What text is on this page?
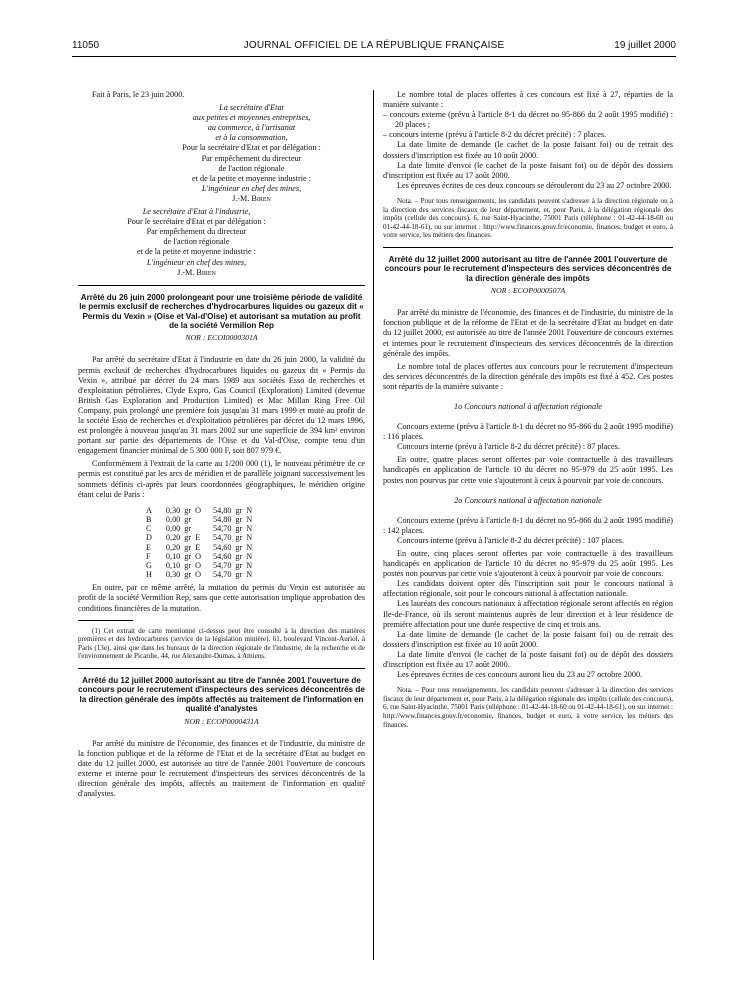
11050	JOURNAL OFFICIEL DE LA RÉPUBLIQUE FRANÇAISE	19 juillet 2000

Fait à Paris, le 23 juin 2000.

La secrétaire d'Etat

aux petites et moyennes entreprises,

au commerce, à l'artisanat

et à la consommation,

Pour la secrétaire d'Etat et par délégation :

Par empêchement du directeur

de l'action régionale

et de la petite et moyenne industrie :

L'ingénieur en chef des mines,

J.-M. Biren

Le secrétaire d'Etat à l'industrie,

Pour le secrétaire d'Etat et par délégation :

Par empêchement du directeur

de l'action régionale

et de la petite et moyenne industrie :

L'ingénieur en chef des mines,

J.-M. Biren

Arrêté du 26 juin 2000 prolongeant pour une troisième période de validité le permis exclusif de recherches d'hydrocarbures liquides ou gazeux dit « Permis du Vexin » (Oise et Val-d'Oise) et autorisant sa mutation au profit de la société Vermilion Rep

NOR : ECOI0000301A

Par arrêté du secrétaire d'Etat à l'industrie en date du 26 juin 2000, la validité du permis exclusif de recherches d'hydrocarbures liquides ou gazeux dit « Permis du Vexin », attribué par décret du 24 mars 1989 aux sociétés Esso de recherches et d'exploitation pétrolières, Clyde Expro, Gas Council (Exploration) Limited (devenue British Gas Exploration and Production Limited) et Mac Millan Ring Free Oil Company, puis prolongé une première fois jusqu'au 31 mars 1999 et muté au profit de la société Esso de recherches et d'exploitation pétrolières par décret du 12 mars 1996, est prolongée à nouveau jusqu'au 31 mars 2002 sur une superficie de 394 km² environ portant sur partie des départements de l'Oise et du Val-d'Oise, compte tenu d'un engagement financier minimal de 5 300 000 F, soit 807 979 €.

Conformément à l'extrait de la carte au 1/200 000 (1), le nouveau périmètre de ce permis est constitué par les arcs de méridien et de parallèle joignant successivement les sommets définis ci-après par leurs coordonnées géographiques, le méridien origine étant celui de Paris :

A	0,30	gr	O	54,80	gr	N
B	0,00	gr		54,80	gr	N
C	0,00	gr		54,70	gr	N
D	0,20	gr	E	54,70	gr	N
E	0,20	gr	E	54,60	gr	N
F	0,10	gr	O	54,60	gr	N
G	0,10	gr	O	54,70	gr	N
H	0,30	gr	O	54,70	gr	N

En outre, par ce même arrêté, la mutation du permis du Vexin est autorisée au profit de la société Vermilion Rep, sans que cette autorisation implique approbation des conditions financières de la mutation.

(1) Cet extrait de carte mentionné ci-dessus peut être consulté à la direction des matières premières et des hydrocarbures (service de la législation minière), 61, boulevard Vincent-Auriol, à Paris (13e), ainsi que dans les bureaux de la direction régionale de l'industrie, de la recherche et de l'environnement de Picardie, 44, rue Alexandre-Dumas, à Amiens.

Arrêté du 12 juillet 2000 autorisant au titre de l'année 2001 l'ouverture de concours pour le recrutement d'inspecteurs des services déconcentrés de la direction générale des impôts affectés au traitement de l'information en qualité d'analystes

NOR : ECOP0000431A

Par arrêté du ministre de l'économie, des finances et de l'industrie, du ministre de la fonction publique et de la réforme de l'Etat et de la secrétaire d'Etat au budget en date du 12 juillet 2000, est autorisée au titre de l'année 2001 l'ouverture de concours externe et interne pour le recrutement d'inspecteurs des services déconcentrés de la direction générale des impôts, affectés au traitement de l'information en qualité d'analystes.

Le nombre total de places offertes à ces concours est fixé à 27, réparties de la manière suivante :

– concours externe (prévu à l'article 8-1 du décret no 95-866 du 2 août 1995 modifié) : 20 places ;
– concours interne (prévu à l'article 8-2 du décret précité) : 7 places.

La date limite de demande (le cachet de la poste faisant foi) ou de retrait des dossiers d'inscription est fixée au 10 août 2000.

La date limite d'envoi (le cachet de la poste faisant foi) ou de dépôt des dossiers d'inscription est fixée au 17 août 2000.

Les épreuves écrites de ces deux concours se dérouleront du 23 au 27 octobre 2000.

Nota. – Pour tous renseignements, les candidats peuvent s'adresser à la direction régionale ou à la direction des services fiscaux de leur département, et, pour Paris, à la délégation régionale des impôts (cellule des concours), 6, rue Saint-Hyacinthe, 75001 Paris (téléphone : 01-42-44-18-60 ou 01-42-44-18-61), ou sur internet : http://www.finances.gouv.fr/economie, finances, budget et euro, à votre service, les métiers des finances.

Arrêté du 12 juillet 2000 autorisant au titre de l'année 2001 l'ouverture de concours pour le recrutement d'inspecteurs des services déconcentrés de la direction générale des impôts

NOR : ECOP0000507A

Par arrêté du ministre de l'économie, des finances et de l'industrie, du ministre de la fonction publique et de la réforme de l'Etat et de la secrétaire d'Etat au budget en date du 12 juillet 2000, est autorisée au titre de l'année 2001 l'ouverture de concours externes et internes pour le recrutement d'inspecteurs des services déconcentrés de la direction générale des impôts.

Le nombre total de places offertes aux concours pour le recrutement d'inspecteurs des services déconcentrés de la direction générale des impôts est fixé à 452. Ces postes sont répartis de la manière suivante :

1o Concours national à affectation régionale

Concours externe (prévu à l'article 8-1 du décret no 95-866 du 2 août 1995 modifié) : 116 places.

Concours interne (prévu à l'article 8-2 du décret précité) : 87 places.

En outre, quatre places seront offertes par voie contractuelle à des travailleurs handicapés en application de l'article 10 du décret no 95-979 du 25 août 1995. Les postes non pourvus par cette voie s'ajouteront à ceux à pourvoir par voie de concours.

2o Concours national à affectation nationale

Concours externe (prévu à l'article 8-1 du décret no 95-866 du 2 août 1995 modifié) : 142 places.

Concours interne (prévu à l'article 8-2 du décret précité) : 107 places.

En outre, cinq places seront offertes par voie contractuelle à des travailleurs handicapés en application de l'article 10 du décret no 95-979 du 25 août 1995. Les postes non pourvus par cette voie s'ajouteront à ceux à pourvoir par voie de concours.

Les candidats doivent opter dès l'inscription soit pour le concours national à affectation régionale, soit pour le concours national à affectation nationale.

Les lauréats des concours nationaux à affectation régionale seront affectés en région Ile-de-France, où ils seront maintenus auprès de leur direction et à leur résidence de première affectation pour une durée respective de cinq et trois ans.

La date limite de demande (le cachet de la poste faisant foi) ou de retrait des dossiers d'inscription est fixée au 10 août 2000.

La date limite d'envoi (le cachet de la poste faisant foi) ou de dépôt des dossiers d'inscription est fixée au 17 août 2000.

Les épreuves écrites de ces concours auront lieu du 23 au 27 octobre 2000.

Nota. – Pour tous renseignements, les candidats peuvent s'adresser à la direction des services fiscaux de leur département et, pour Paris, à la délégation régionale des impôts (cellule des concours), 6, rue Saint-Hyacinthe, 75001 Paris (téléphone : 01-42-44-18-60 ou 01-42-44-18-61), ou sur internet : http://www.finances.gouv.fr/economie, finances, budget et euro, à votre service, les métiers des finances.
